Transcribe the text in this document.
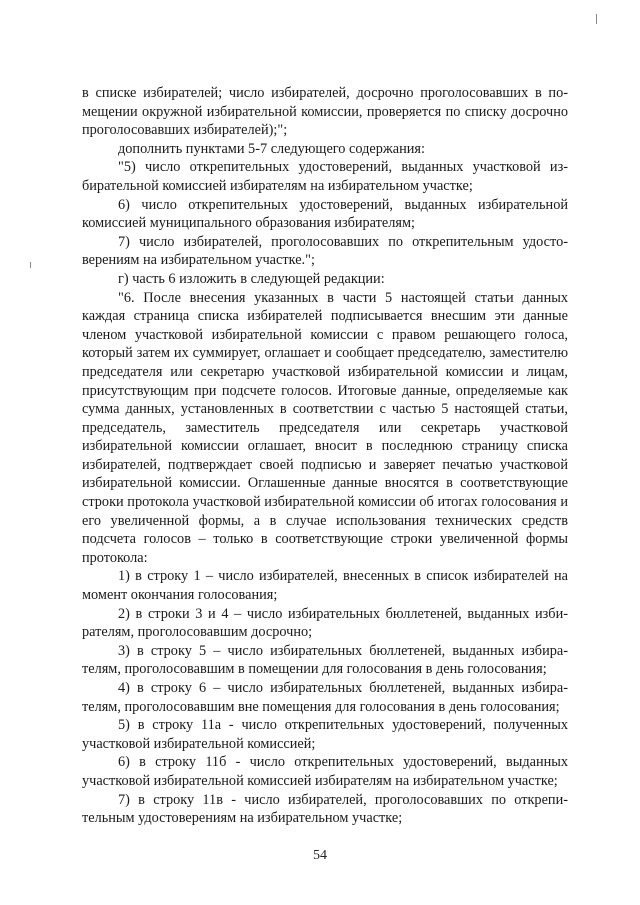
в списке избирателей; число избирателей, досрочно проголосовавших в помещении окружной избирательной комиссии, проверяется по списку досрочно проголосовавших избирателей);";

дополнить пунктами 5-7 следующего содержания:

"5) число открепительных удостоверений, выданных участковой избирательной комиссией избирателям на избирательном участке;

6) число открепительных удостоверений, выданных избирательной комиссией муниципального образования избирателям;

7) число избирателей, проголосовавших по открепительным удостоверениям на избирательном участке.";

г) часть 6 изложить в следующей редакции:

"6. После внесения указанных в части 5 настоящей статьи данных каждая страница списка избирателей подписывается внесшим эти данные членом участковой избирательной комиссии с правом решающего голоса, который затем их суммирует, оглашает и сообщает председателю, заместителю председателя или секретарю участковой избирательной комиссии и лицам, присутствующим при подсчете голосов. Итоговые данные, определяемые как сумма данных, установленных в соответствии с частью 5 настоящей статьи, председатель, заместитель председателя или секретарь участковой избирательной комиссии оглашает, вносит в последнюю страницу списка избирателей, подтверждает своей подписью и заверяет печатью участковой избирательной комиссии. Оглашенные данные вносятся в соответствующие строки протокола участковой избирательной комиссии об итогах голосования и его увеличенной формы, а в случае использования технических средств подсчета голосов – только в соответствующие строки увеличенной формы протокола:

1) в строку 1 – число избирателей, внесенных в список избирателей на момент окончания голосования;

2) в строки 3 и 4 – число избирательных бюллетеней, выданных избирателям, проголосовавшим досрочно;

3) в строку 5 – число избирательных бюллетеней, выданных избирателям, проголосовавшим в помещении для голосования в день голосования;

4) в строку 6 – число избирательных бюллетеней, выданных избирателям, проголосовавшим вне помещения для голосования в день голосования;

5) в строку 11а - число открепительных удостоверений, полученных участковой избирательной комиссией;

6) в строку 11б - число открепительных удостоверений, выданных участковой избирательной комиссией избирателям на избирательном участке;

7) в строку 11в - число избирателей, проголосовавших по открепительным удостоверениям на избирательном участке;

54
